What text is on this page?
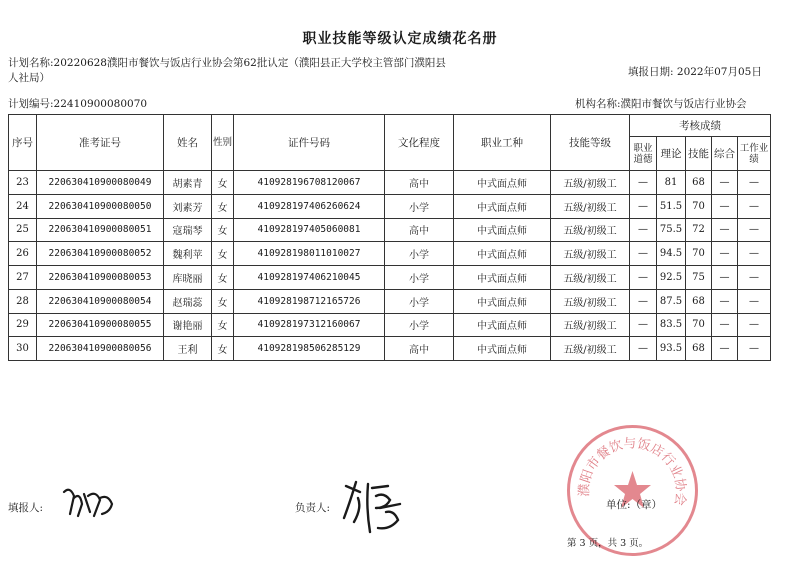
职业技能等级认定成绩花名册
计划名称:20220628濮阳市餐饮与饭店行业协会第62批认定（濮阳县正大学校主管部门濮阳县人社局）	填报日期: 2022年07月05日
计划编号:22410900080070	机构名称:濮阳市餐饮与饭店行业协会
序号	准考证号	姓名	性别	证件号码	文化程度	职业工种	技能等级	考核成绩				
								职业道德	理论	技能	综合	工作业绩
23	220630410900080049	胡素青	女	410928196708120067	高中	中式面点师	五级/初级工	—	81	68	—	—
24	220630410900080050	刘素芳	女	410928197406260624	小学	中式面点师	五级/初级工	—	51.5	70	—	—
25	220630410900080051	寇瑞琴	女	410928197405060081	高中	中式面点师	五级/初级工	—	75.5	72	—	—
26	220630410900080052	魏利苹	女	410928198011010027	小学	中式面点师	五级/初级工	—	94.5	70	—	—
27	220630410900080053	库晓丽	女	410928197406210045	小学	中式面点师	五级/初级工	—	92.5	75	—	—
28	220630410900080054	赵瑞蕊	女	410928198712165726	小学	中式面点师	五级/初级工	—	87.5	68	—	—
29	220630410900080055	谢艳丽	女	410928197312160067	小学	中式面点师	五级/初级工	—	83.5	70	—	—
30	220630410900080056	王利	女	410928198506285129	高中	中式面点师	五级/初级工	—	93.5	68	—	—
填报人:	负责人:
濮阳市餐饮与饭店行业协会
单位:（章）
第 3 页，共 3 页。
